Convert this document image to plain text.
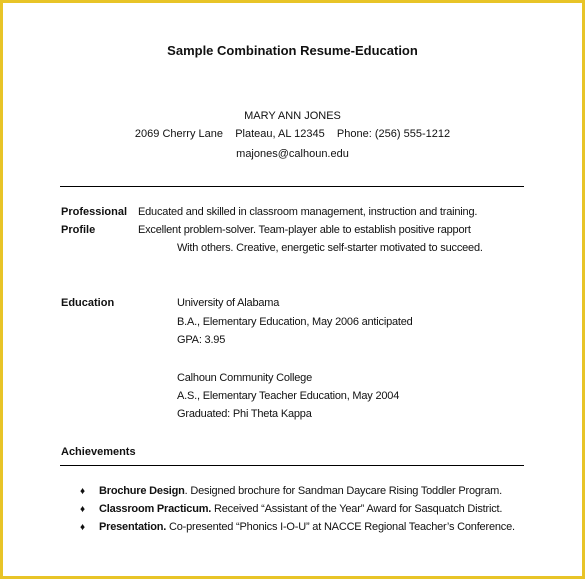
Sample Combination Resume-Education
MARY ANN JONES
2069 Cherry Lane    Plateau, AL 12345    Phone: (256) 555-1212
majones@calhoun.edu
Professional
Profile
Educated and skilled in classroom management, instruction and training.
Excellent problem-solver. Team-player able to establish positive rapport
With others. Creative, energetic self-starter motivated to succeed.
Education	University of Alabama
B.A., Elementary Education, May 2006 anticipated
GPA: 3.95
Calhoun Community College
A.S., Elementary Teacher Education, May 2004
Graduated: Phi Theta Kappa
Achievements
♦ Brochure Design. Designed brochure for Sandman Daycare Rising Toddler Program.
♦ Classroom Practicum. Received “Assistant of the Year” Award for Sasquatch District.
♦ Presentation. Co-presented “Phonics I-O-U” at NACCE Regional Teacher’s Conference.
